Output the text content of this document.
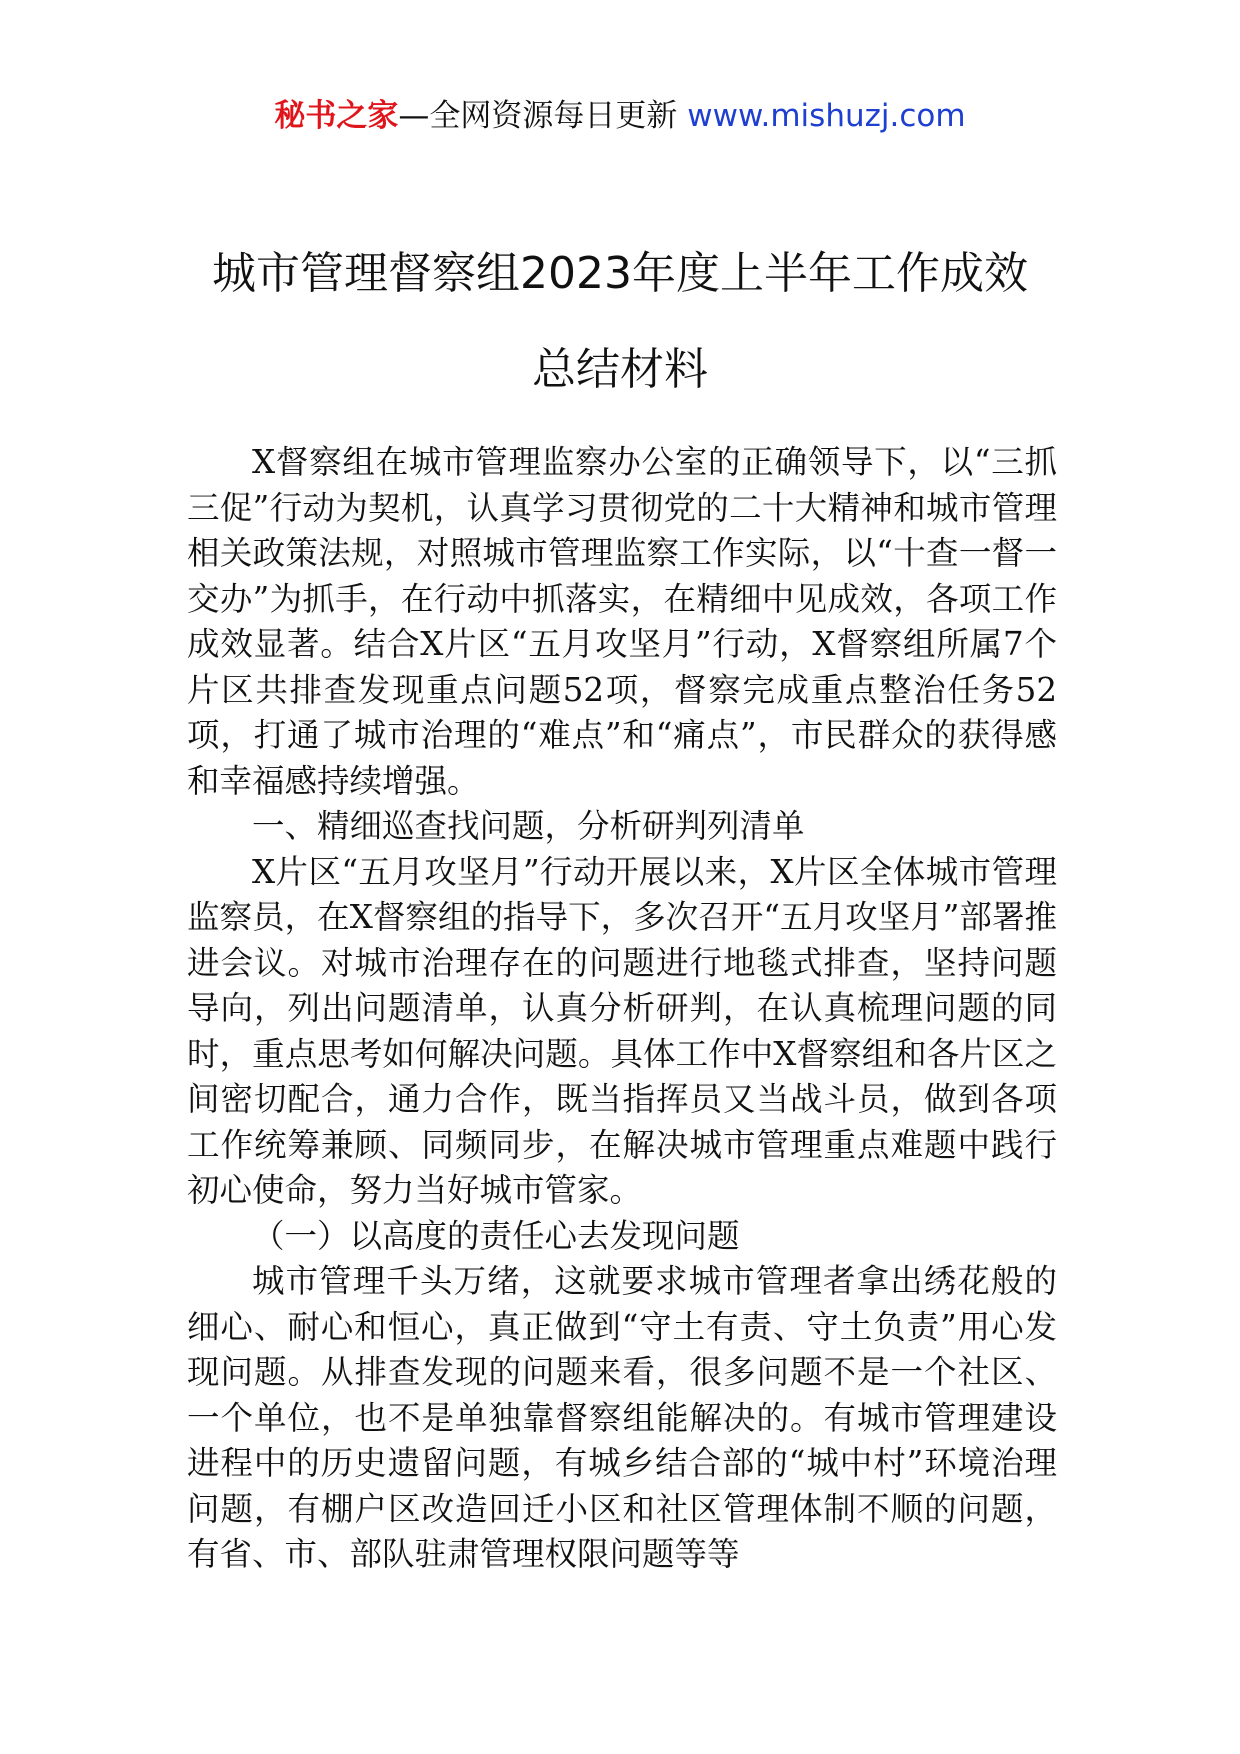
秘书之家—全网资源每日更新 www.mishuzj.com
城市管理督察组2023年度上半年工作成效
总结材料

X督察组在城市管理监察办公室的正确领导下，以“三抓三促”行动为契机，认真学习贯彻党的二十大精神和城市管理相关政策法规，对照城市管理监察工作实际，以“十查一督一交办”为抓手，在行动中抓落实，在精细中见成效，各项工作成效显著。结合X片区“五月攻坚月”行动，X督察组所属7个片区共排查发现重点问题52项，督察完成重点整治任务52项，打通了城市治理的“难点”和“痛点”，市民群众的获得感和幸福感持续增强。

一、精细巡查找问题，分析研判列清单

X片区“五月攻坚月”行动开展以来，X片区全体城市管理监察员，在X督察组的指导下，多次召开“五月攻坚月”部署推进会议。对城市治理存在的问题进行地毯式排查，坚持问题导向，列出问题清单，认真分析研判，在认真梳理问题的同时，重点思考如何解决问题。具体工作中X督察组和各片区之间密切配合，通力合作，既当指挥员又当战斗员，做到各项工作统筹兼顾、同频同步，在解决城市管理重点难题中践行初心使命，努力当好城市管家。

（一）以高度的责任心去发现问题

城市管理千头万绪，这就要求城市管理者拿出绣花般的细心、耐心和恒心，真正做到“守土有责、守土负责”用心发现问题。从排查发现的问题来看，很多问题不是一个社区、一个单位，也不是单独靠督察组能解决的。有城市管理建设进程中的历史遗留问题，有城乡结合部的“城中村”环境治理问题，有棚户区改造回迁小区和社区管理体制不顺的问题，有省、市、部队驻肃管理权限问题等等
